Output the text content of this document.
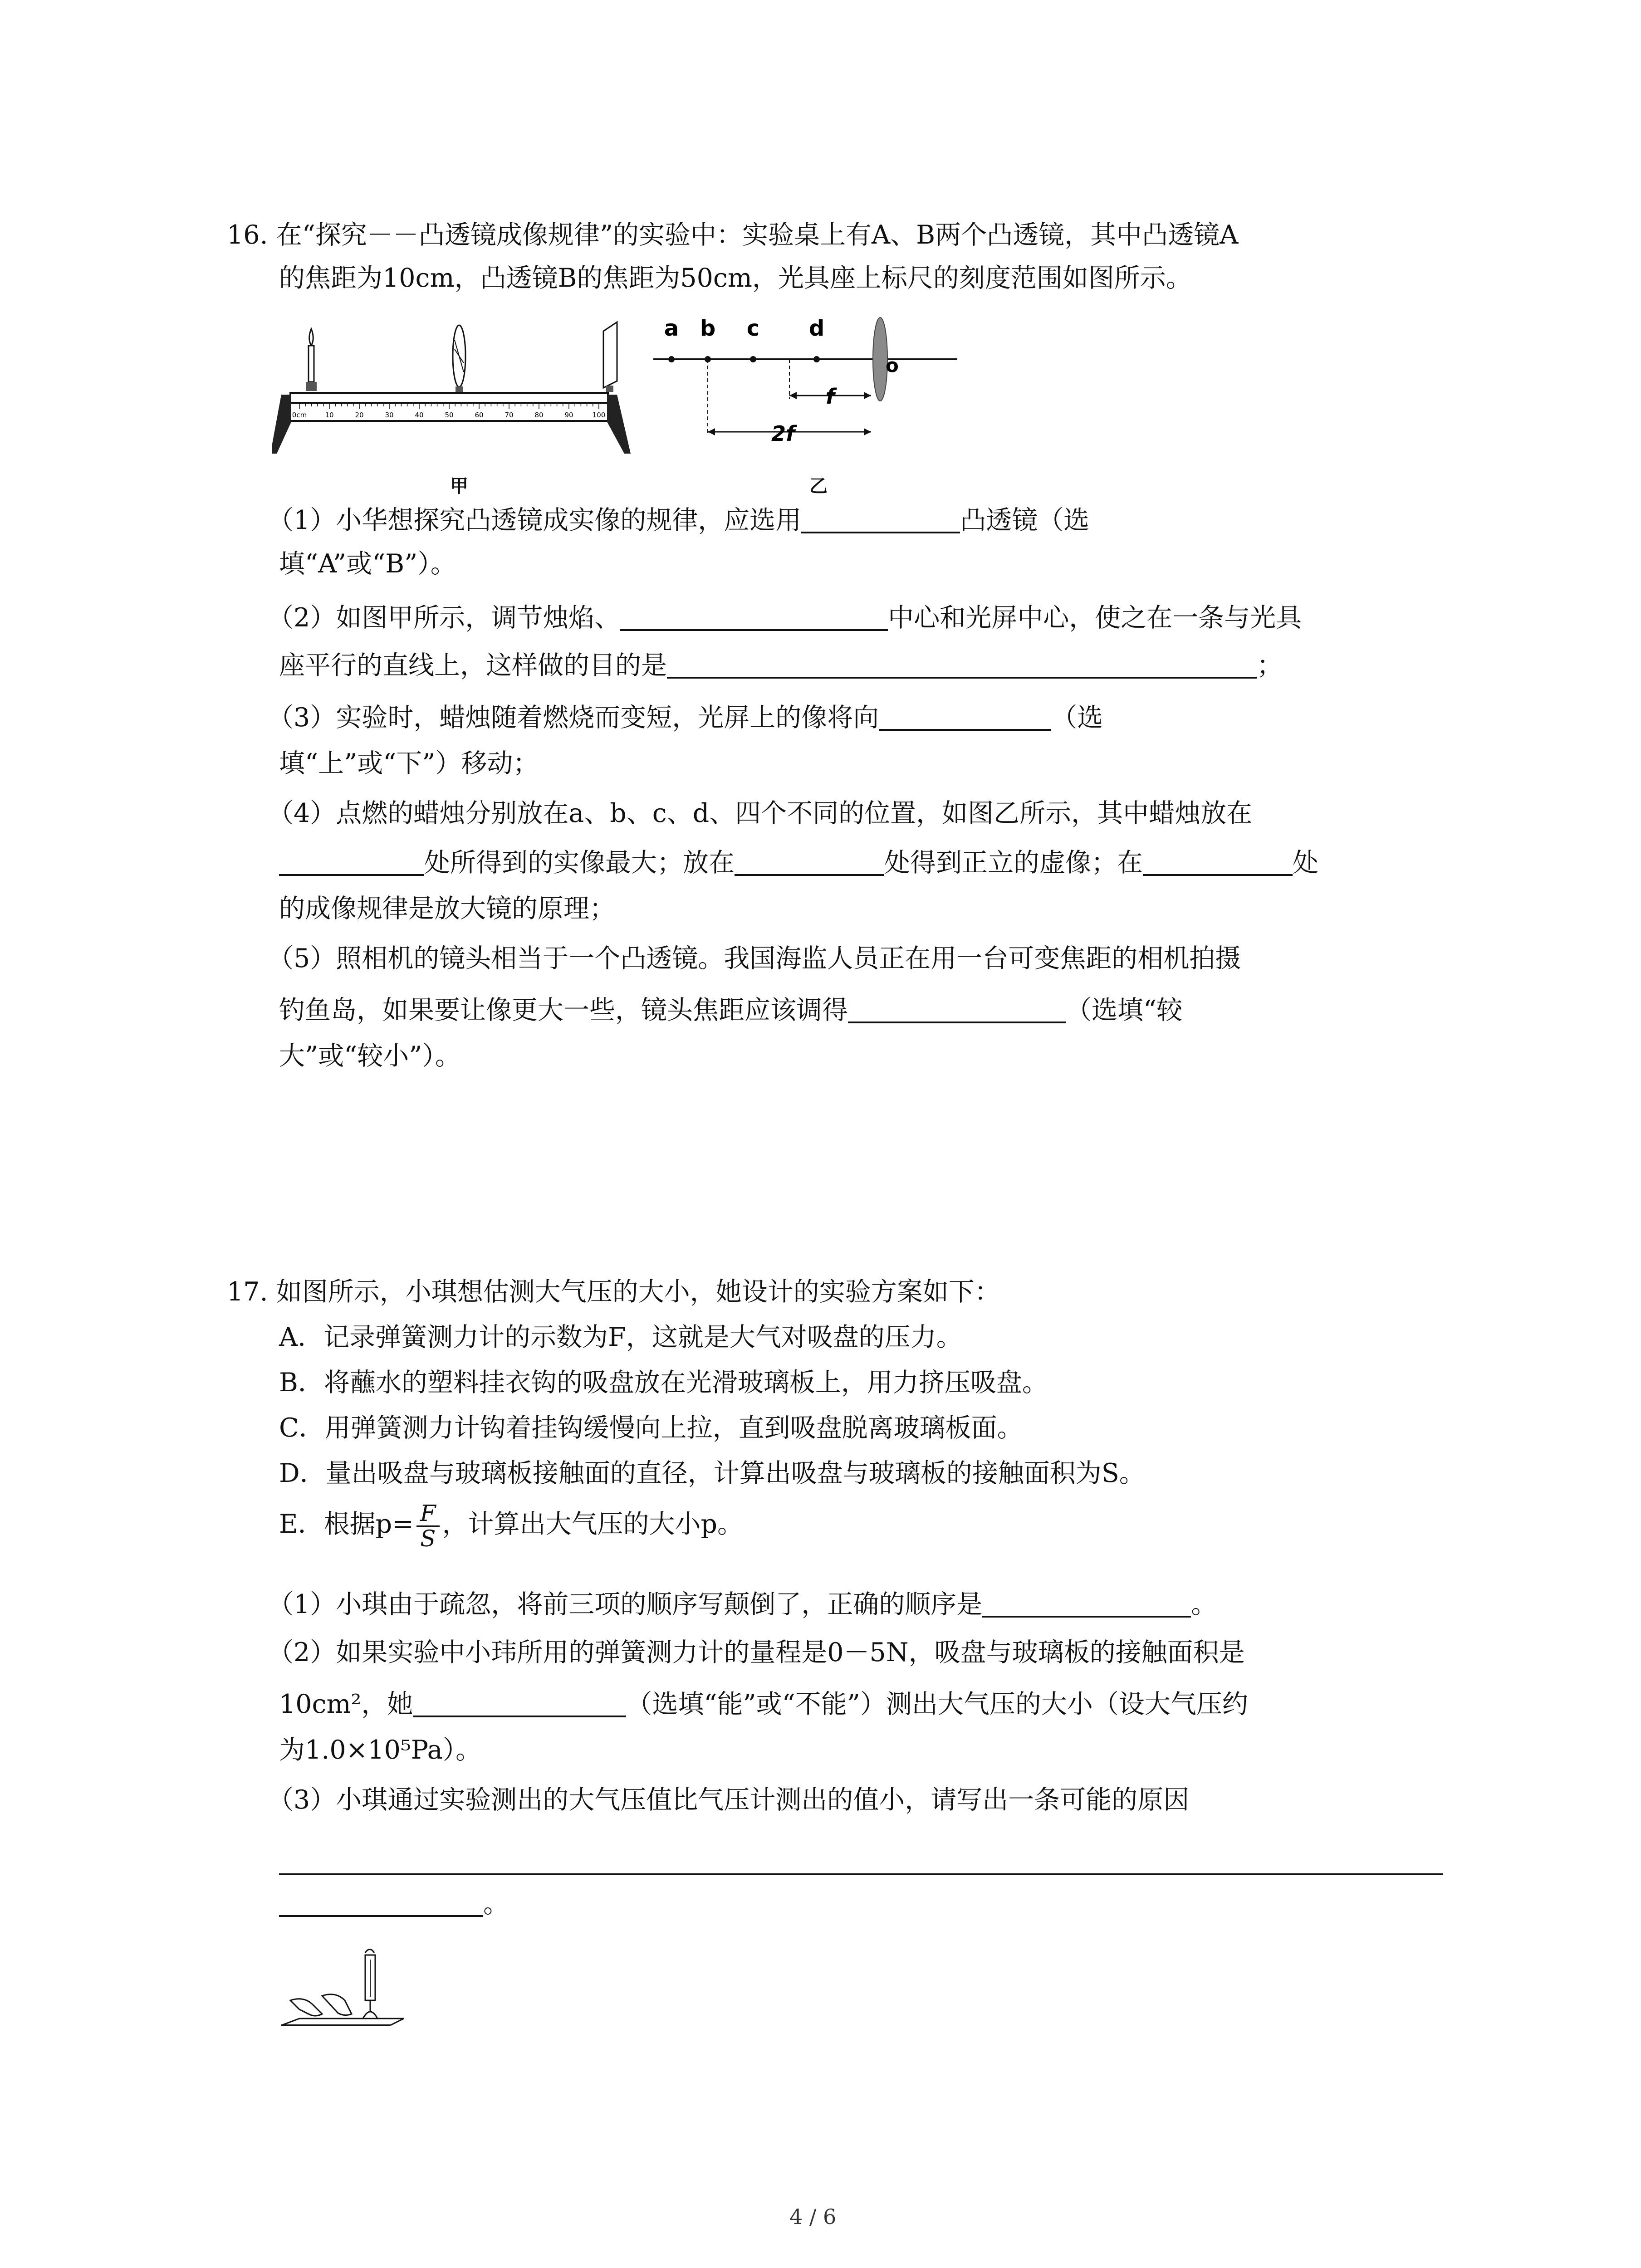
16. 在“探究－－凸透镜成像规律”的实验中：实验桌上有A、B两个凸透镜，其中凸透镜A
的焦距为10cm，凸透镜B的焦距为50cm，光具座上标尺的刻度范围如图所示。
0cm	10	20	30	40	50	60	70	80	90	100
a b c d
o
f
2f
甲	乙
（1）小华想探究凸透镜成实像的规律，应选用	凸透镜（选
填“A”或“B”）。
（2）如图甲所示，调节烛焰、	中心和光屏中心，使之在一条与光具
座平行的直线上，这样做的目的是	；
（3）实验时，蜡烛随着燃烧而变短，光屏上的像将向	（选
填“上”或“下”）移动；
（4）点燃的蜡烛分别放在a、b、c、d、四个不同的位置，如图乙所示，其中蜡烛放在
处所得到的实像最大；放在	处得到正立的虚像；在	处
的成像规律是放大镜的原理；
（5）照相机的镜头相当于一个凸透镜。我国海监人员正在用一台可变焦距的相机拍摄
钓鱼岛，如果要让像更大一些，镜头焦距应该调得	（选填“较
大”或“较小”）。
17. 如图所示，小琪想估测大气压的大小，她设计的实验方案如下：
A．记录弹簧测力计的示数为F，这就是大气对吸盘的压力。
B．将蘸水的塑料挂衣钩的吸盘放在光滑玻璃板上，用力挤压吸盘。
C．用弹簧测力计钩着挂钩缓慢向上拉，直到吸盘脱离玻璃板面。
D．量出吸盘与玻璃板接触面的直径，计算出吸盘与玻璃板的接触面积为S。
E．根据$p= \frac{F}{S}$ ，计算出大气压的大小p。
（1）小琪由于疏忽，将前三项的顺序写颠倒了，正确的顺序是	。
（2）如果实验中小玮所用的弹簧测力计的量程是0－5N，吸盘与玻璃板的接触面积是
10cm²，她	（选填“能”或“不能”）测出大气压的大小（设大气压约
为1.0×10⁵Pa）。
（3）小琪通过实验测出的大气压值比气压计测出的值小，请写出一条可能的原因
。
4 / 6
